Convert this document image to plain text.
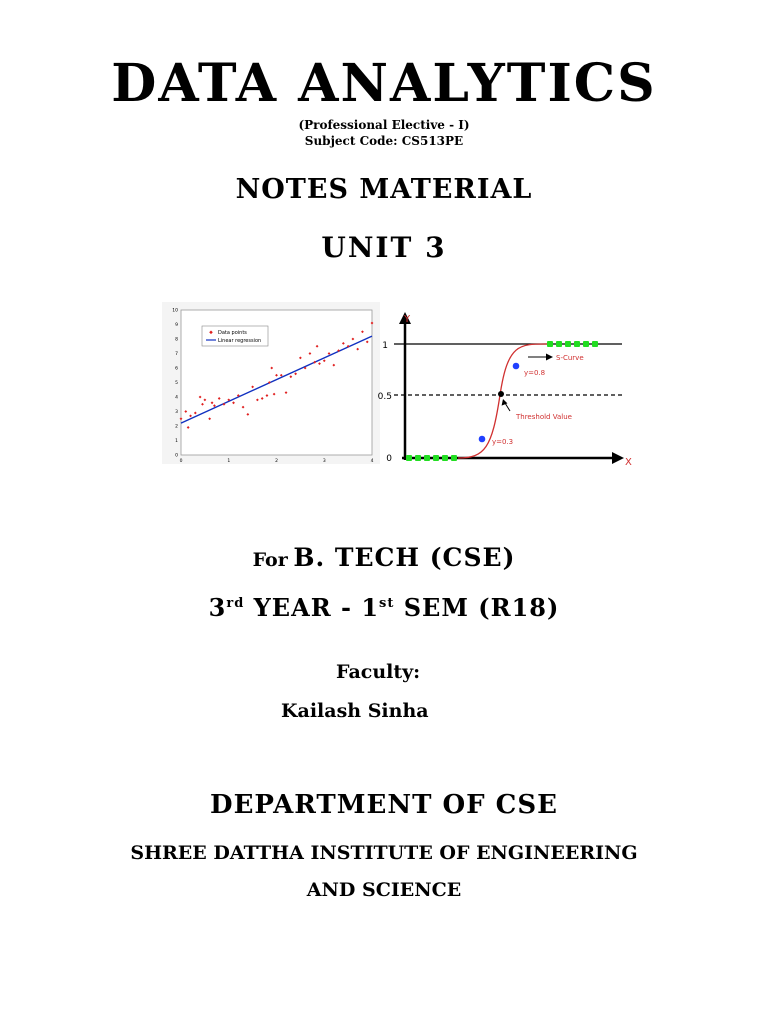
DATA ANALYTICS
(Professional Elective - I)
Subject Code: CS513PE
NOTES MATERIAL
UNIT 3
0
1
2
3
4
5
6
7
8
9
10
0	1	2	3	4
Data points
Linear regression
Y
X
1
0.5
0
S-Curve
y=0.8
Threshold Value
y=0.3
For B. TECH (CSE)
3rd YEAR - 1st SEM (R18)
Faculty:
Kailash Sinha
DEPARTMENT OF CSE
SHREE DATTHA INSTITUTE OF ENGINEERING
AND SCIENCE
